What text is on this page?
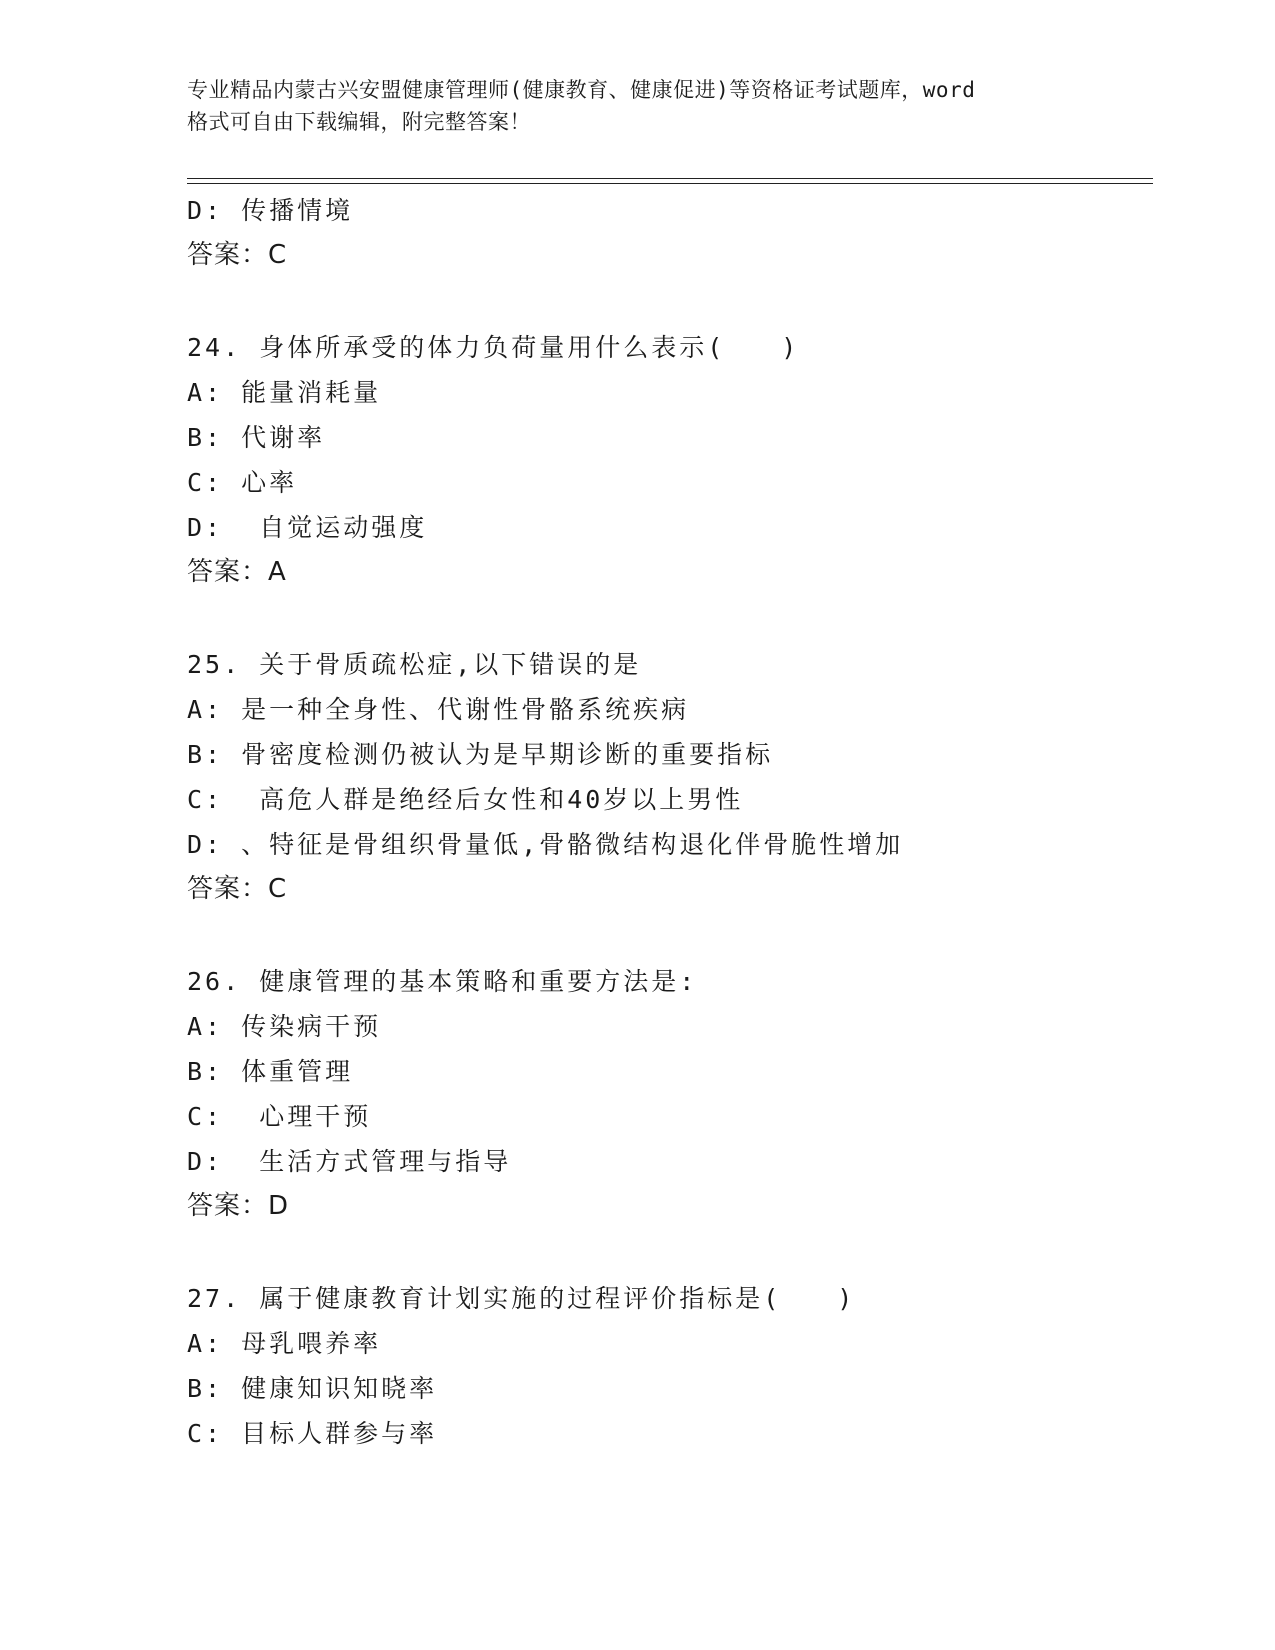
专业精品内蒙古兴安盟健康管理师(健康教育、健康促进)等资格证考试题库，word
格式可自由下载编辑，附完整答案！
D: 传播情境
答案：C
24. 身体所承受的体力负荷量用什么表示(　　)
A: 能量消耗量
B: 代谢率
C: 心率
D:  自觉运动强度
答案：A
25. 关于骨质疏松症,以下错误的是
A: 是一种全身性、代谢性骨骼系统疾病
B: 骨密度检测仍被认为是早期诊断的重要指标
C:  高危人群是绝经后女性和40岁以上男性
D: 、特征是骨组织骨量低,骨骼微结构退化伴骨脆性增加
答案：C
26. 健康管理的基本策略和重要方法是:
A: 传染病干预
B: 体重管理
C:  心理干预
D:  生活方式管理与指导
答案：D
27. 属于健康教育计划实施的过程评价指标是(　　)
A: 母乳喂养率
B: 健康知识知晓率
C: 目标人群参与率
